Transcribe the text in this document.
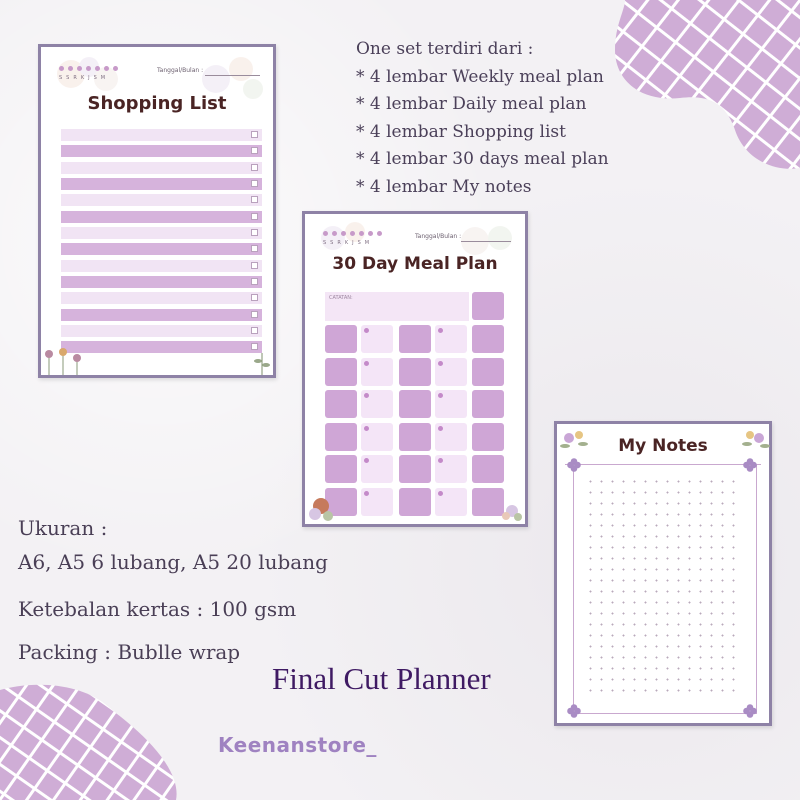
SSRKJSM
Tanggal/Bulan :
Shopping List
SSRKJSM
Tanggal/Bulan :
30 Day Meal Plan
CATATAN:
My Notes
One set terdiri dari :
* 4 lembar Weekly meal plan
* 4 lembar Daily meal plan
* 4 lembar Shopping list
* 4 lembar 30 days meal plan
* 4 lembar My notes
Ukuran :
A6, A5 6 lubang, A5 20 lubang
Ketebalan kertas : 100 gsm
Packing : Bublle wrap
Final Cut Planner
Keenanstore_
